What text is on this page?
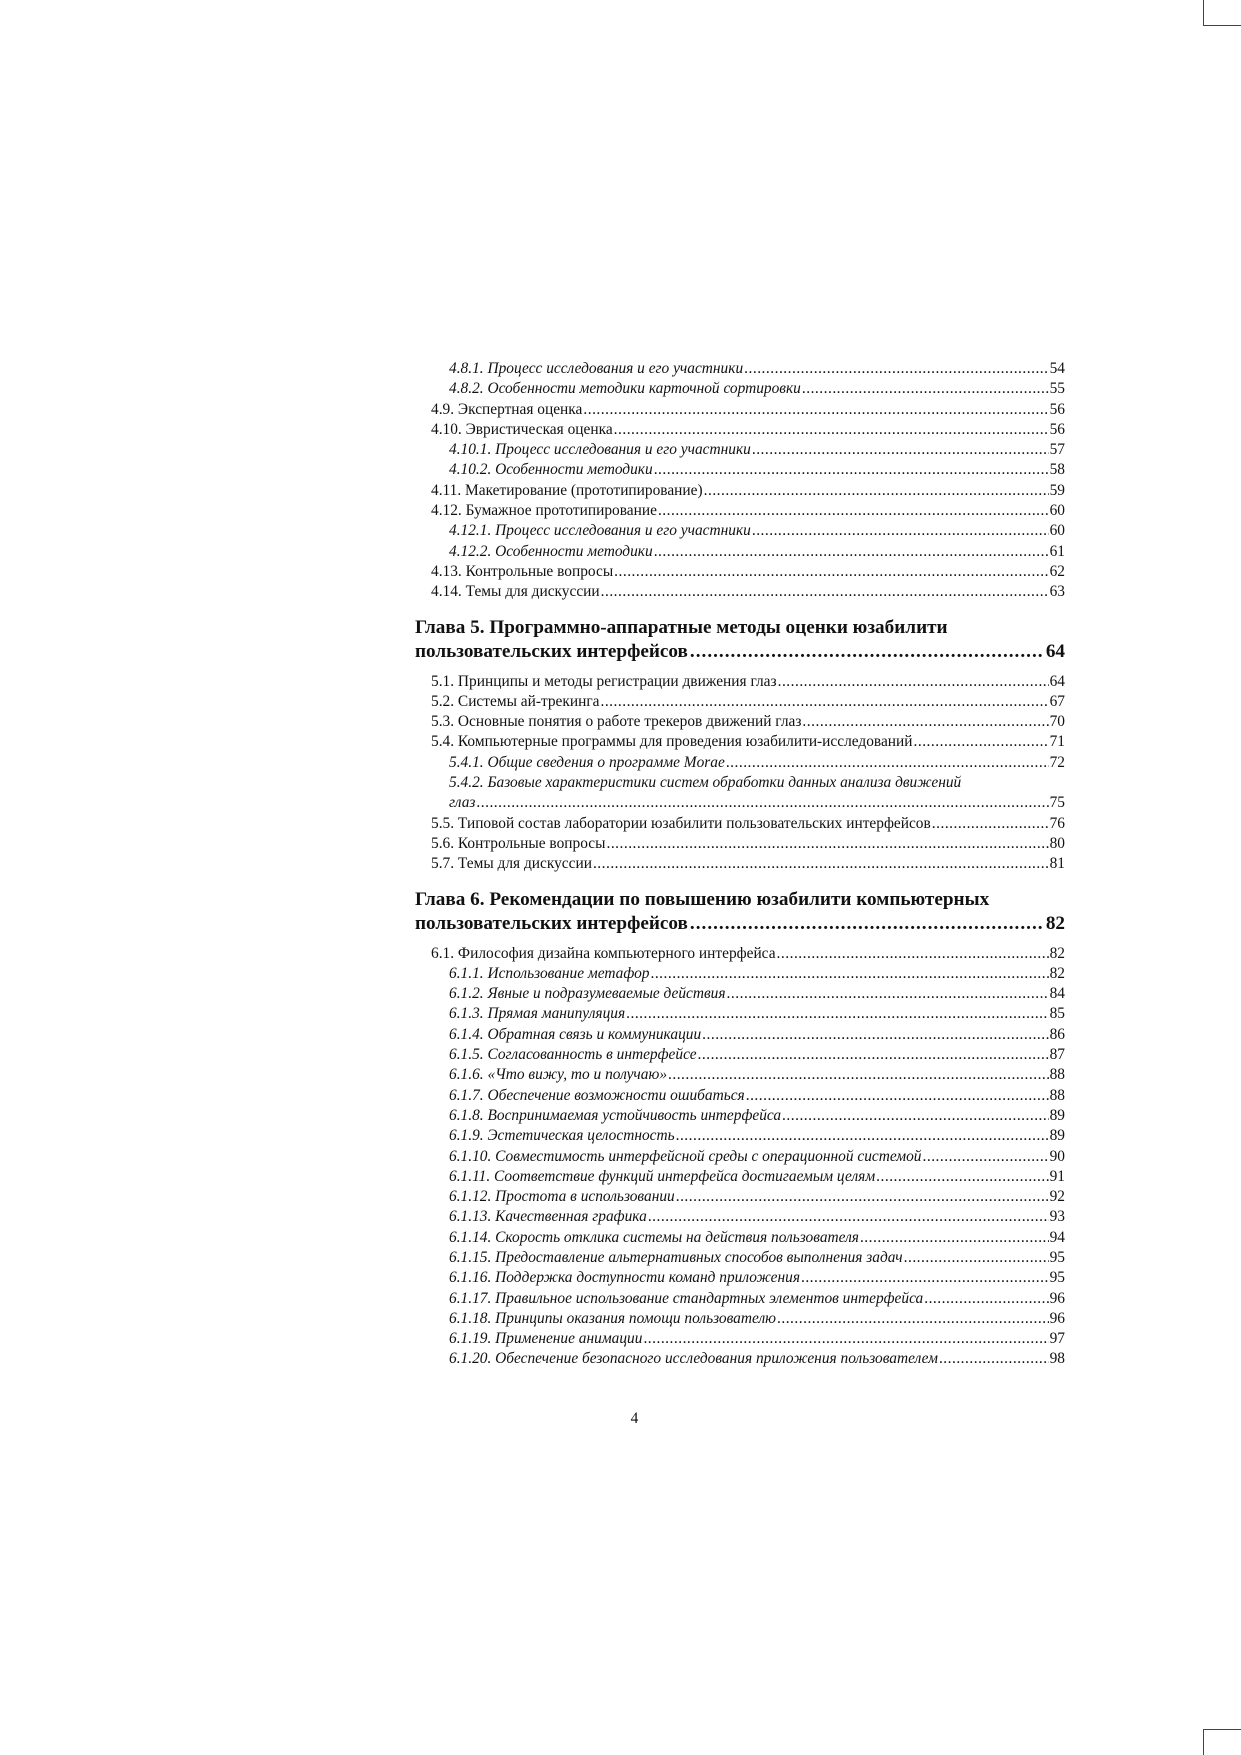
4.8.1. Процесс исследования и его участники .....	54
4.8.2. Особенности методики карточной сортировки .....	55
4.9. Экспертная оценка .....	56
4.10. Эвристическая оценка .....	56
4.10.1. Процесс исследования и его участники .....	57
4.10.2. Особенности методики .....	58
4.11. Макетирование (прототипирование) .....	59
4.12. Бумажное прототипирование .....	60
4.12.1. Процесс исследования и его участники .....	60
4.12.2. Особенности методики .....	61
4.13. Контрольные вопросы .....	62
4.14. Темы для дискуссии .....	63
Глава 5. Программно-аппаратные методы оценки юзабилити
пользовательских интерфейсов .....	64
5.1. Принципы и методы регистрации движения глаз .....	64
5.2. Системы ай-трекинга .....	67
5.3. Основные понятия о работе трекеров движений глаз .....	70
5.4. Компьютерные программы для проведения юзабилити-исследований .....	71
5.4.1. Общие сведения о программе Morae .....	72
5.4.2. Базовые характеристики систем обработки данных анализа движений
глаз .....	75
5.5. Типовой состав лаборатории юзабилити пользовательских интерфейсов .....	76
5.6. Контрольные вопросы .....	80
5.7. Темы для дискуссии .....	81
Глава 6. Рекомендации по повышению юзабилити компьютерных
пользовательских интерфейсов .....	82
6.1. Философия дизайна компьютерного интерфейса .....	82
6.1.1. Использование метафор .....	82
6.1.2. Явные и подразумеваемые действия .....	84
6.1.3. Прямая манипуляция .....	85
6.1.4. Обратная связь и коммуникации .....	86
6.1.5. Согласованность в интерфейсе .....	87
6.1.6. «Что вижу, то и получаю» .....	88
6.1.7. Обеспечение возможности ошибаться .....	88
6.1.8. Воспринимаемая устойчивость интерфейса .....	89
6.1.9. Эстетическая целостность .....	89
6.1.10. Совместимость интерфейсной среды с операционной системой .....	90
6.1.11. Соответствие функций интерфейса достигаемым целям .....	91
6.1.12. Простота в использовании .....	92
6.1.13. Качественная графика .....	93
6.1.14. Скорость отклика системы на действия пользователя .....	94
6.1.15. Предоставление альтернативных способов выполнения задач .....	95
6.1.16. Поддержка доступности команд приложения .....	95
6.1.17. Правильное использование стандартных элементов интерфейса .....	96
6.1.18. Принципы оказания помощи пользователю .....	96
6.1.19. Применение анимации .....	97
6.1.20. Обеспечение безопасного исследования приложения пользователем .....	98
4
